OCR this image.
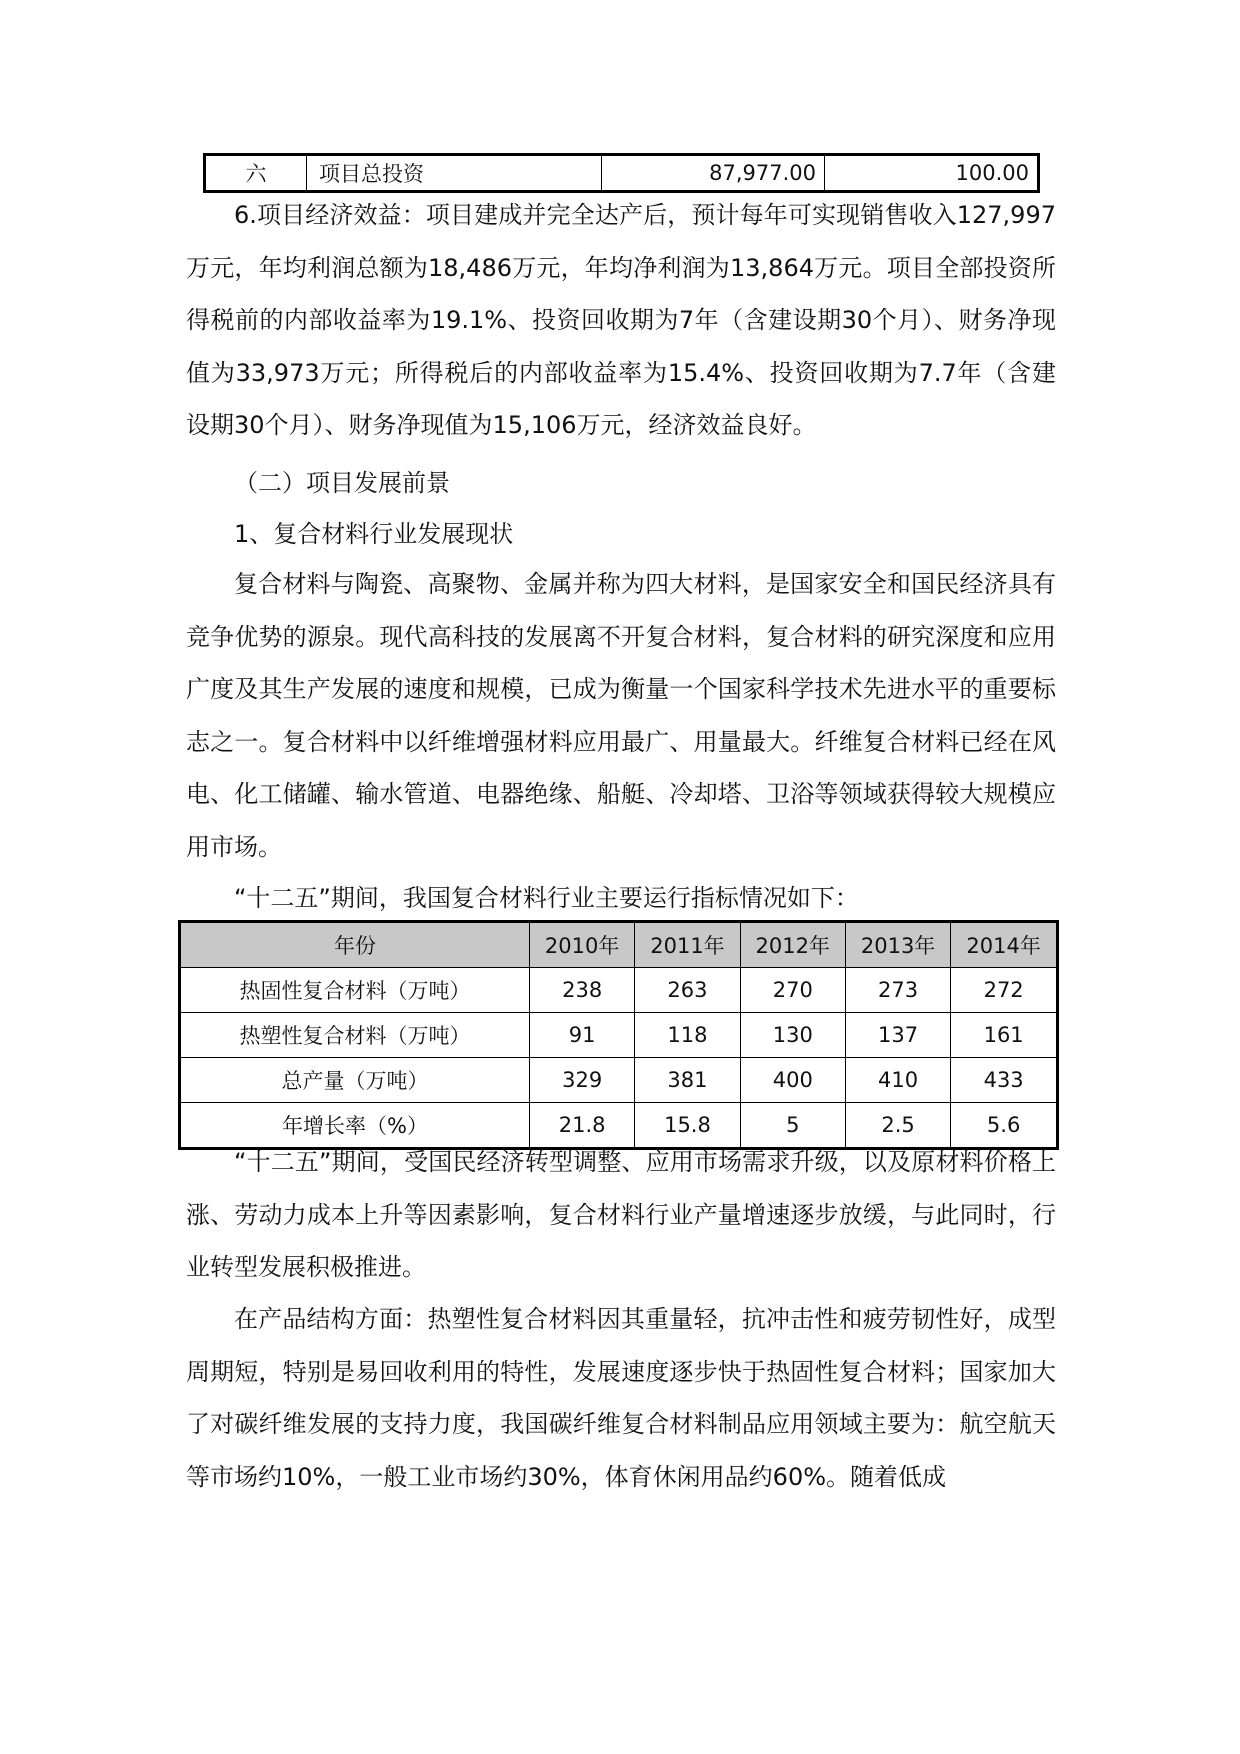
六	项目总投资	87,977.00	100.00

6.项目经济效益：项目建成并完全达产后，预计每年可实现销售收入127,997万元，年均利润总额为18,486万元，年均净利润为13,864万元。项目全部投资所得税前的内部收益率为19.1%、投资回收期为7年（含建设期30个月）、财务净现值为33,973万元；所得税后的内部收益率为15.4%、投资回收期为7.7年（含建设期30个月）、财务净现值为15,106万元，经济效益良好。

（二）项目发展前景

1、复合材料行业发展现状

复合材料与陶瓷、高聚物、金属并称为四大材料，是国家安全和国民经济具有竞争优势的源泉。现代高科技的发展离不开复合材料，复合材料的研究深度和应用广度及其生产发展的速度和规模，已成为衡量一个国家科学技术先进水平的重要标志之一。复合材料中以纤维增强材料应用最广、用量最大。纤维复合材料已经在风电、化工储罐、输水管道、电器绝缘、船艇、冷却塔、卫浴等领域获得较大规模应用市场。

“十二五”期间，我国复合材料行业主要运行指标情况如下：

年份	2010年	2011年	2012年	2013年	2014年
热固性复合材料（万吨）	238	263	270	273	272
热塑性复合材料（万吨）	91	118	130	137	161
总产量（万吨）	329	381	400	410	433
年增长率（%）	21.8	15.8	5	2.5	5.6

“十二五”期间，受国民经济转型调整、应用市场需求升级，以及原材料价格上涨、劳动力成本上升等因素影响，复合材料行业产量增速逐步放缓，与此同时，行业转型发展积极推进。

在产品结构方面：热塑性复合材料因其重量轻，抗冲击性和疲劳韧性好，成型周期短，特别是易回收利用的特性，发展速度逐步快于热固性复合材料；国家加大了对碳纤维发展的支持力度，我国碳纤维复合材料制品应用领域主要为：航空航天等市场约10%，一般工业市场约30%，体育休闲用品约60%。随着低成
